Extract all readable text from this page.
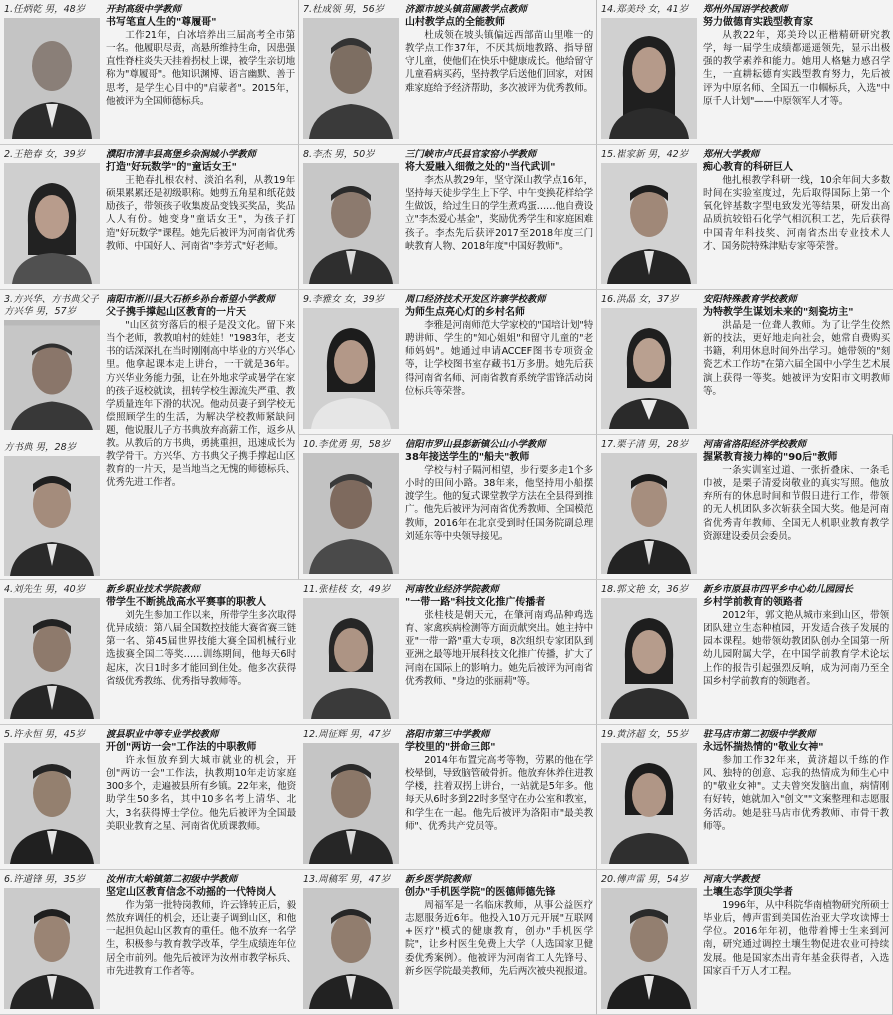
1.任炳乾 男，48岁	开封高级中学教师
书写笔直人生的"尊履哥"
工作21年，白冰培养出三届高考全市第一名。他履职尽责，高悬所维持生命，因患强直性脊柱炎失天挂着拐杖上课，被学生亲切地称为"尊履哥"。他知识渊博、语言幽默、善于思考，是学生心目中的"启蒙者"。2015年，他被评为全国师德标兵。
7.杜成领 男，56岁	济源市坡头镇苗圃教学点教师
山村教学点的全能教师
杜成领在坡头镇偏远西部苗山里唯一的教学点工作37年，不厌其烦地教路、指导留守儿童，使他们在快乐中健康成长。他给留守儿童看病买药，坚持教学后送他们回家，对困难家庭给予经济帮助，多次被评为优秀教师。
14.郑美玲 女，41岁	郑州外国语学校教师
努力做德育实践型教育家
从教22年，郑美玲以正楷精研研究教学，每一届学生成绩都遥遥领先，显示出极强的教学素养和能力。她用人格魅力感召学生，一直耕耘德育实践型教育努力，先后被评为中原名师、全国五一巾帼标兵，入选"中原千人计划"——中原领军人才等。
2.王艳春 女，39岁	濮阳市清丰县高堡乡杂涧城小学教师
打造"好玩数学"的"童话女王"
王艳春扎根农村、淡泊名利，从教19年硕果累累还是初级职称。她剪五角星和纸花鼓励孩子，带领孩子收集废品变钱买奖品，奖品人人有份。她变身"童话女王"，为孩子打造"好玩数学"课程。她先后被评为河南省优秀教师、中国好人、河南省"李芳式"好老师。
8.李杰 男，50岁	三门峡市卢氏县官家窑小学教师
将大爱融入细微之处的"当代武训"
李杰从教29年，坚守深山教学点16年，坚持每天徒步学生上下学、中午变换花样给学生做饭，给过生日的学生煮鸡蛋……他自费设立"李杰爱心基金"，奖励优秀学生和家庭困难孩子。李杰先后获评2017至2018年度三门峡教育人物、2018年度"中国好教师"。
15.崔家新 男，42岁	郑州大学教师
痴心教育的科研巨人
他扎根教学科研一线，10余年间大多数时间在实验室度过，先后取得国际上第一个氧化锌基数字型电致发光等结果，研发出高品质抗较铅石化学气相沉积工艺，先后获得中国青年科技奖、河南省杰出专业技术人才、国务院特殊津贴专家等荣誉。
3.方兴华、方书典父子
方兴华 男，57岁
方书典 男，28岁
南阳市淅川县大石桥乡孙台希望小学教师
父子携手撑起山区教育的一片天
"山区贫穷落后的根子是没文化。留下来当个老师，教教咱村的娃娃！"1983年，老支书的话深深扎在当时刚刚高中毕业的方兴华心里。他拿起课本走上讲台，一干就是36年。方兴华业务能力强，让在外地求学或暑学在家的孩子返校就读，扭转学校生源流失严重、教学质量连年下滑的状况。他动员妻子到学校无偿照顾学生的生活，为解决学校教师紧缺问题，他说服儿子方书典放弃高薪工作，返乡从教。从教后的方书典，勇挑重担，迅速成长为教学骨干。方兴华、方书典父子携手撑起山区教育的一片天，是当地当之无愧的师德标兵、优秀先进工作者。
9.李雅女 女，39岁	周口经济技术开发区许寨学校教师
为师生点亮心灯的乡村名师
李雅是河南师范大学家校的"国培计划"特聘讲师、学生的"知心姐姐"和留守儿童的"老师妈妈"。她通过申请ACCEF图书专项资金等，让学校图书室存藏书1万多册。她先后获得河南省名师、河南省教育系统学雷锋活动岗位标兵等荣誉。
16.洪晶 女，37岁	安阳特殊教育学校教师
为特教学生谋划未来的"刻瓷坊主"
洪晶是一位聋人教师。为了让学生佼然新的技法，更好地走向社会，她常自费购买书籍，利用休息时间外出学习。她带领的"刻瓷艺术工作坊"在第六届全国中小学生艺术展演上获得一等奖。她被评为安阳市文明教师等。
10.李优勇 男，58岁	信阳市罗山县彭新镇公山小学教师
38年接送学生的"船夫"教师
学校与村子隔河相望，步行要多走1个多小时的田间小路。38年来，他坚持用小船摆渡学生。他的复式课堂教学方法在全县得到推广。他先后被评为河南省优秀教师、全国模范教师，2016年在北京受到时任国务院副总理刘延东等中央领导接见。
17.栗子清 男，28岁	河南省洛阳经济学校教师
握紧教育接力棒的"90后"教师
一条实训室过道、一张折叠床、一条毛巾被，是栗子清爱岗敬业的真实写照。他放弃所有的休息时间和节假日进行工作，带领的无人机团队多次斩获全国大奖。他是河南省优秀青年教师、全国无人机职业教育教学资源建设委员会委员。
4.刘先生 男，40岁	新乡职业技术学院教师
带学生不断挑战高水平赛事的职教人
刘先生参加工作以来，所带学生多次取得优异成绩：第八届全国数控技能大赛省赛三链第一名、第45届世界技能大赛全国机械行业选拔赛全国二等奖……训练期间，他每天6时起床，次日1时多才能回到住处。他多次获得省级优秀教练、优秀指导教师等。
11.张桂枝 女，49岁	河南牧业经济学院教师
"一带一路"科技文化推广传播者
张桂枝是朝天元，在肇河南鸡品种鸡选育、家禽疾病检测等方面贡献突出。她主持中亚"一带一路"重大专项，8次组织专家团队到亚洲之最等地开展科技文化推广传播，扩大了河南在国际上的影响力。她先后被评为河南省优秀教师、"身边的张丽莉"等。
18.郭文艳 女，36岁	新乡市原县市四平乡中心幼儿园园长
乡村学前教育的领路者
2012年，郭文艳从城市来到山区，带领团队建立生态种植园，开发适合孩子发展的园本课程。她带领幼教团队创办全国第一所幼儿园附属大学，在中国学前教育学术论坛上作的报告引起强烈反响，成为河南乃至全国乡村学前教育的领跑者。
5.许永恒 男，45岁	渡县职业中等专业学校教师
开创"两访一会"工作法的中职教师
许永恒放弃到大城市就业的机会，开创"两访一会"工作法，执教期10年走访家庭300多个，走遍被县所有乡镇。22年来，他资助学生50多名，其中10多名考上清华、北大，3名获得博士学位。他先后被评为全国最美职业教育之星、河南省优质课教师。
12.周征辉 男，47岁	洛阳市第三中学教师
学校里的"拼命三郎"
2014年布置完高考等物，劳累的他在学校晕倒，导致脑管破骨折。他放弃休养住进教学楼，拄着双拐上讲台，一站就是5年多。他每天从6时多到22时多坚守在办公室和教室，和学生在一起。他先后被评为洛阳市"最美教师"、优秀共产党员等。
19.黄济超 女，55岁	驻马店市第二初级中学教师
永远怀揣热情的"敬业女神"
参加工作32年来，黄济超以千练的作风、独特的创意、忘我的热情成为师生心中的"敬业女神"。丈夫曾突发脑出血，病情刚有好转，她就加入"创文""文案整理和志愿服务活动。她是驻马店市优秀教师、市骨干教师等。
6.许道锋 男，35岁	汝州市大峪镇第二初级中学教师
坚定山区教育信念不动摇的一代特岗人
作为第一批特岗教师，许云锋转正后，毅然放弃调任的机会，还让妻子调到山区，和他一起担负起山区教育的重任。他不放弃一名学生，积极参与教育教学改革，学生成绩连年位居全市前列。他先后被评为汝州市教学标兵、市先进教育工作者等。
13.周稿军 男，47岁	新乡医学院教师
创办"手机医学院"的医德师德先锋
周福军是一名临床教师，从事公益医疗志愿服务近6年。他投入10万元开展"互联网+医疗"模式的健康教育，创办"手机医学院"，让乡村医生免费上大学（人选国家卫健委优秀案例）。他被评为河南省工人先锋号、新乡医学院最美教师，先后两次被央视报道。
20.傅声雷 男，54岁	河南大学教授
土壤生态学顶尖学者
1996年，从中科院华南植物研究所硕士毕业后，傅声雷到美国佐治亚大学攻读博士学位。2016年年初，他带着博士生来到河南，研究通过调控土壤生物促进农业可持续发展。他是国家杰出青年基金获得者，入选国家百千万人才工程。
